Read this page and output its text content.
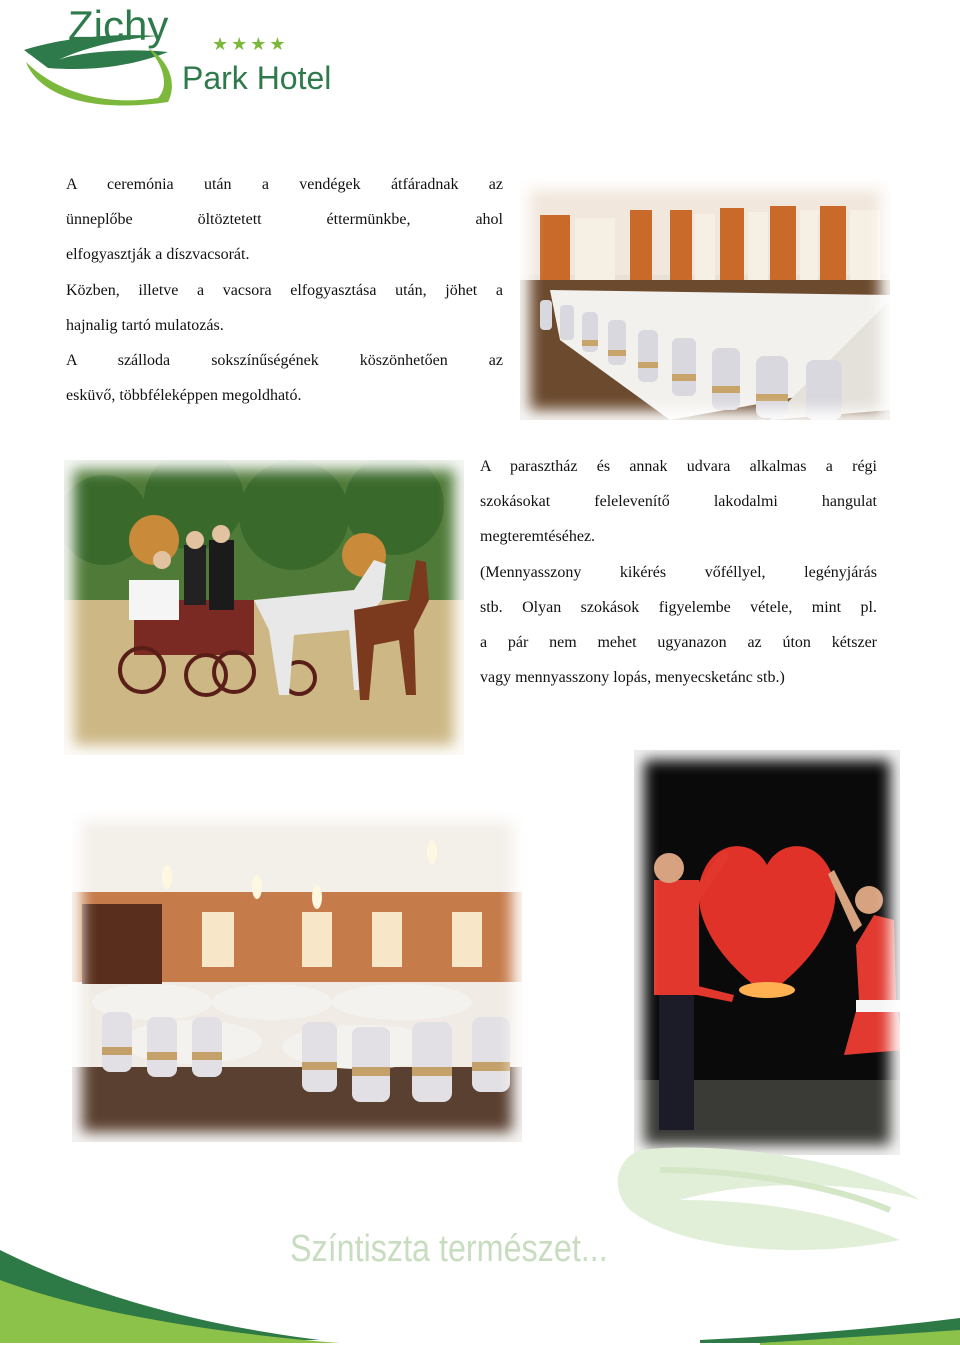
Zichy ★★★★
Park Hotel
A ceremónia után a vendégek átfáradnak az
ünneplőbe öltöztetett éttermünkbe, ahol
elfogyasztják a díszvacsorát.
Közben, illetve a vacsora elfogyasztása után, jöhet a
hajnalig tartó mulatozás.
A szálloda sokszínűségének köszönhetően az
esküvő, többféleképpen megoldható.
A parasztház és annak udvara alkalmas a régi
szokásokat felelevenítő lakodalmi hangulat
megteremtéséhez.
(Mennyasszony kikérés vőféllyel, legényjárás
stb. Olyan szokások figyelembe vétele, mint pl.
a pár nem mehet ugyanazon az úton kétszer
vagy mennyasszony lopás, menyecsketánc stb.)
Színtiszta természet...
